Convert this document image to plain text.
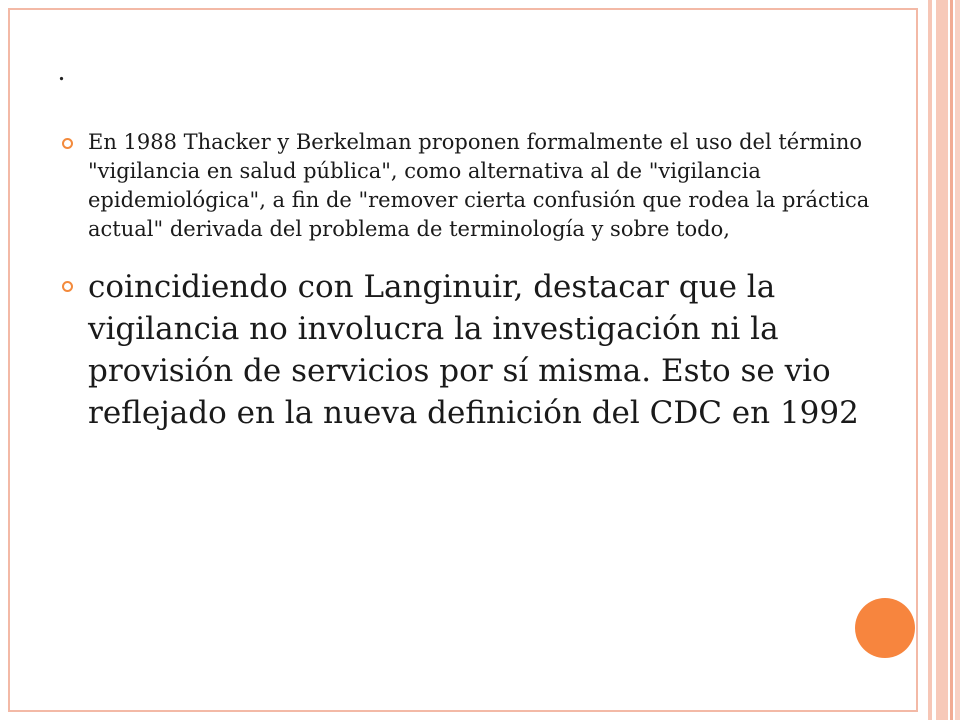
.
En 1988 Thacker y Berkelman proponen formalmente el uso del término "vigilancia en salud pública", como alternativa al de "vigilancia epidemiológica", a fin de "remover cierta confusión que rodea la práctica actual" derivada del problema de terminología y sobre todo,
coincidiendo con Langinuir, destacar que la vigilancia no involucra la investigación ni la provisión de servicios por sí misma. Esto se vio reflejado en la nueva definición del CDC en 1992
